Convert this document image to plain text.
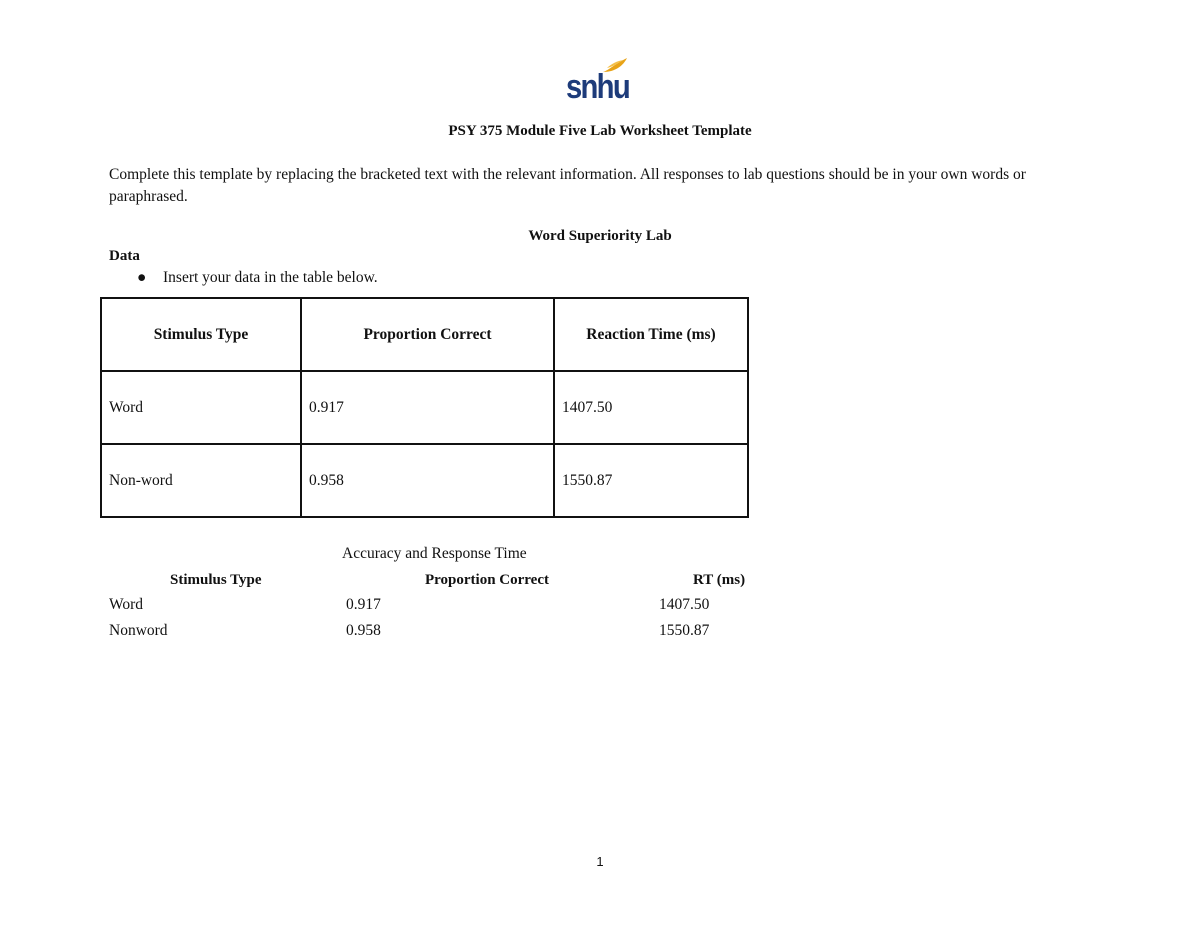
snhu
PSY 375 Module Five Lab Worksheet Template
Complete this template by replacing the bracketed text with the relevant information. All responses to lab questions should be in your own words or paraphrased.
Word Superiority Lab
Data
● Insert your data in the table below.
Stimulus Type	Proportion Correct	Reaction Time (ms)
Word	0.917	1407.50
Non-word	0.958	1550.87
Accuracy and Response Time
Stimulus Type	Proportion Correct	RT (ms)
Word	0.917	1407.50
Nonword	0.958	1550.87
1
